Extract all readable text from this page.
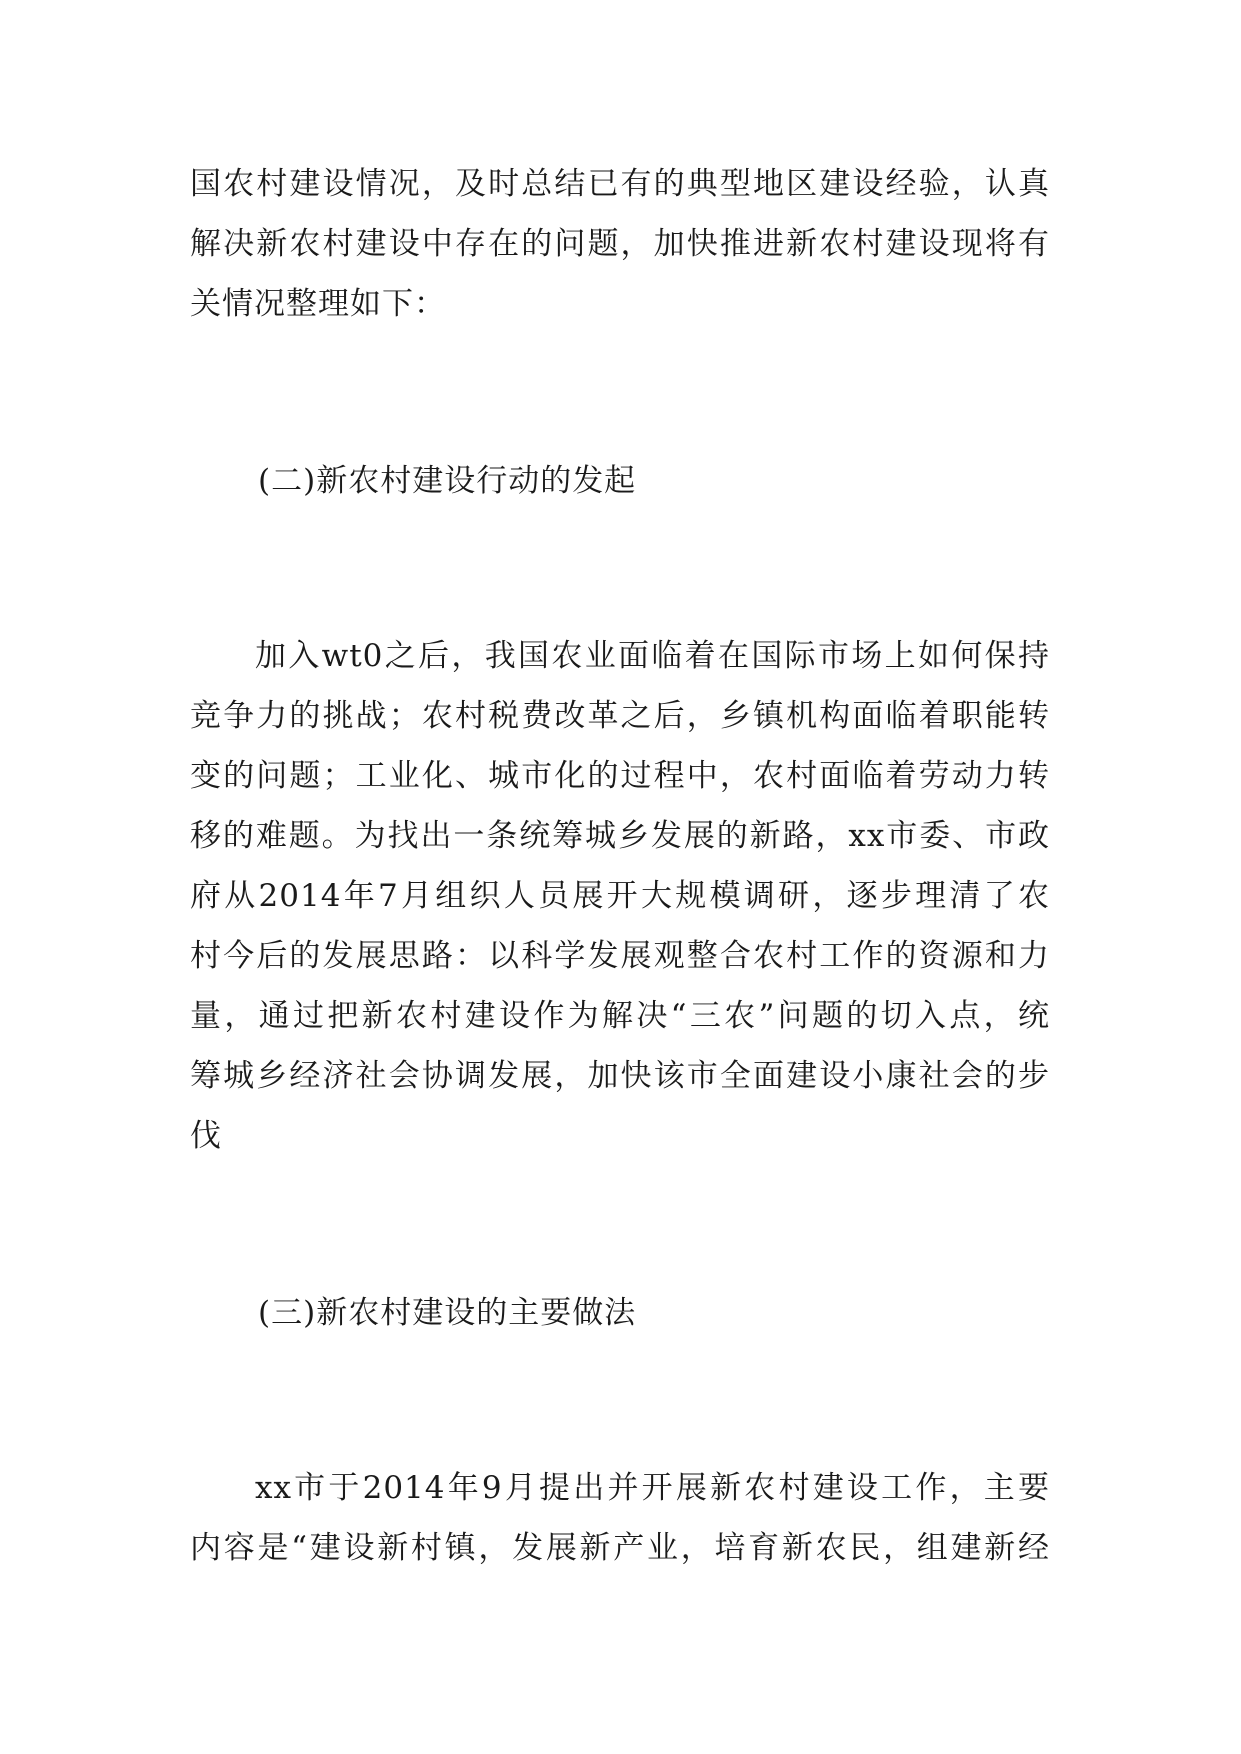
国农村建设情况，及时总结已有的典型地区建设经验，认真
解决新农村建设中存在的问题，加快推进新农村建设现将有
关情况整理如下：
(二)新农村建设行动的发起
加入wt0之后，我国农业面临着在国际市场上如何保持
竞争力的挑战；农村税费改革之后，乡镇机构面临着职能转
变的问题；工业化、城市化的过程中，农村面临着劳动力转
移的难题。为找出一条统筹城乡发展的新路，xx市委、市政
府从2014年7月组织人员展开大规模调研，逐步理清了农
村今后的发展思路：以科学发展观整合农村工作的资源和力
量，通过把新农村建设作为解决“三农”问题的切入点，统
筹城乡经济社会协调发展，加快该市全面建设小康社会的步
伐
(三)新农村建设的主要做法
xx市于2014年9月提出并开展新农村建设工作，主要
内容是“建设新村镇，发展新产业，培育新农民，组建新经
